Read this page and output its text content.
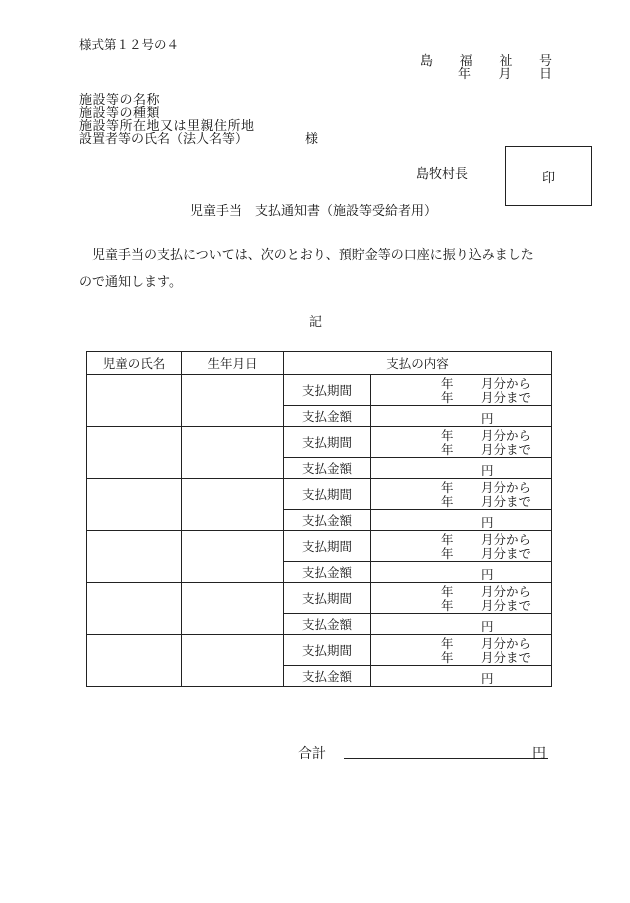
様式第１２号の４
島 福 祉 号
年 月 日
施設等の名称
施設等の種類
施設等所在地又は里親住所地
設置者等の氏名（法人名等）	様
島牧村長	印
児童手当　支払通知書（施設等受給者用）
児童手当の支払については、次のとおり、預貯金等の口座に振り込みました
ので通知します。
記
児童の氏名	生年月日	支払の内容	
		支払期間	年 月分から
年 月分まで

		支払金額	円

		支払期間	年 月分から
年 月分まで

		支払金額	円

		支払期間	年 月分から
年 月分まで

		支払金額	円

		支払期間	年 月分から
年 月分まで

		支払金額	円

		支払期間	年 月分から
年 月分まで

		支払金額	円

		支払期間	年 月分から
年 月分まで

		支払金額	円
合計	円
